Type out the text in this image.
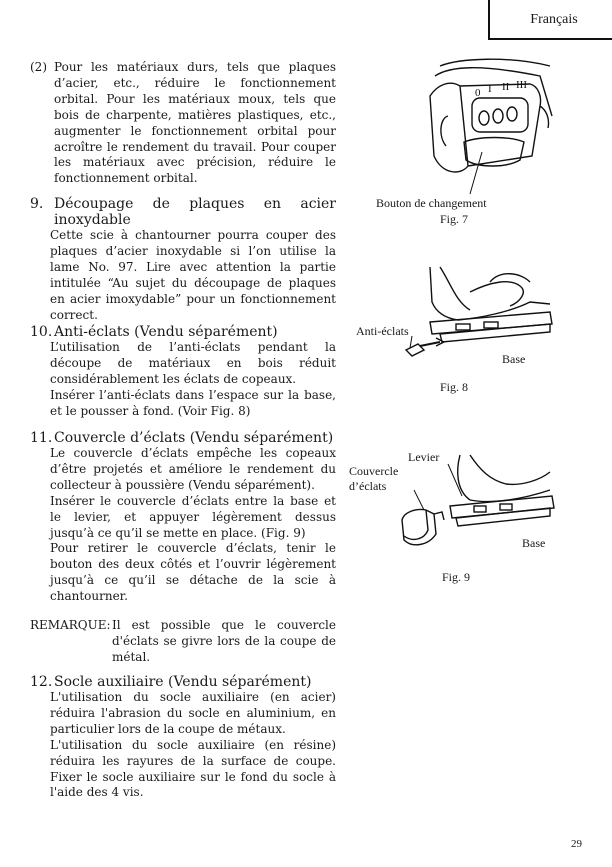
Français
(2) Pour les matériaux durs, tels que plaques d’acier, etc., réduire le fonctionnement orbital. Pour les matériaux moux, tels que bois de charpente, matières plastiques, etc., augmenter le fonctionnement orbital pour acroître le rendement du travail. Pour couper les matériaux avec précision, réduire le fonctionnement orbital.

9. Découpage de plaques en acier inoxydable

Cette scie à chantourner pourra couper des plaques d’acier inoxydable si l’on utilise la lame No. 97. Lire avec attention la partie intitulée “Au sujet du découpage de plaques en acier imoxydable” pour un fonctionnement correct.

10. Anti-éclats (Vendu séparément)

L’utilisation de l’anti-éclats pendant la découpe de matériaux en bois réduit considérablement les éclats de copeaux.

Insérer l’anti-éclats dans l’espace sur la base, et le pousser à fond. (Voir Fig. 8)

11. Couvercle d’éclats (Vendu séparément)

Le couvercle d’éclats empêche les copeaux d’être projetés et améliore le rendement du collecteur à poussière (Vendu séparément).

Insérer le couvercle d’éclats entre la base et le levier, et appuyer légèrement dessus jusqu’à ce qu’il se mette en place. (Fig. 9)

Pour retirer le couvercle d’éclats, tenir le bouton des deux côtés et l’ouvrir légèrement jusqu’à ce qu’il se détache de la scie à chantourner.

REMARQUE: Il est possible que le couvercle d'éclats se givre lors de la coupe de métal.
12. Socle auxiliaire (Vendu séparément)

L'utilisation du socle auxiliaire (en acier) réduira l'abrasion du socle en aluminium, en particulier lors de la coupe de métaux.

L'utilisation du socle auxiliaire (en résine) réduira les rayures de la surface de coupe. Fixer le socle auxiliaire sur le fond du socle à l'aide des 4 vis.

0 I II III
Bouton de changement
Fig. 7
Anti-éclats
Base
Fig. 8
Levier
Couvercle
d’éclats
Base
Fig. 9
29
